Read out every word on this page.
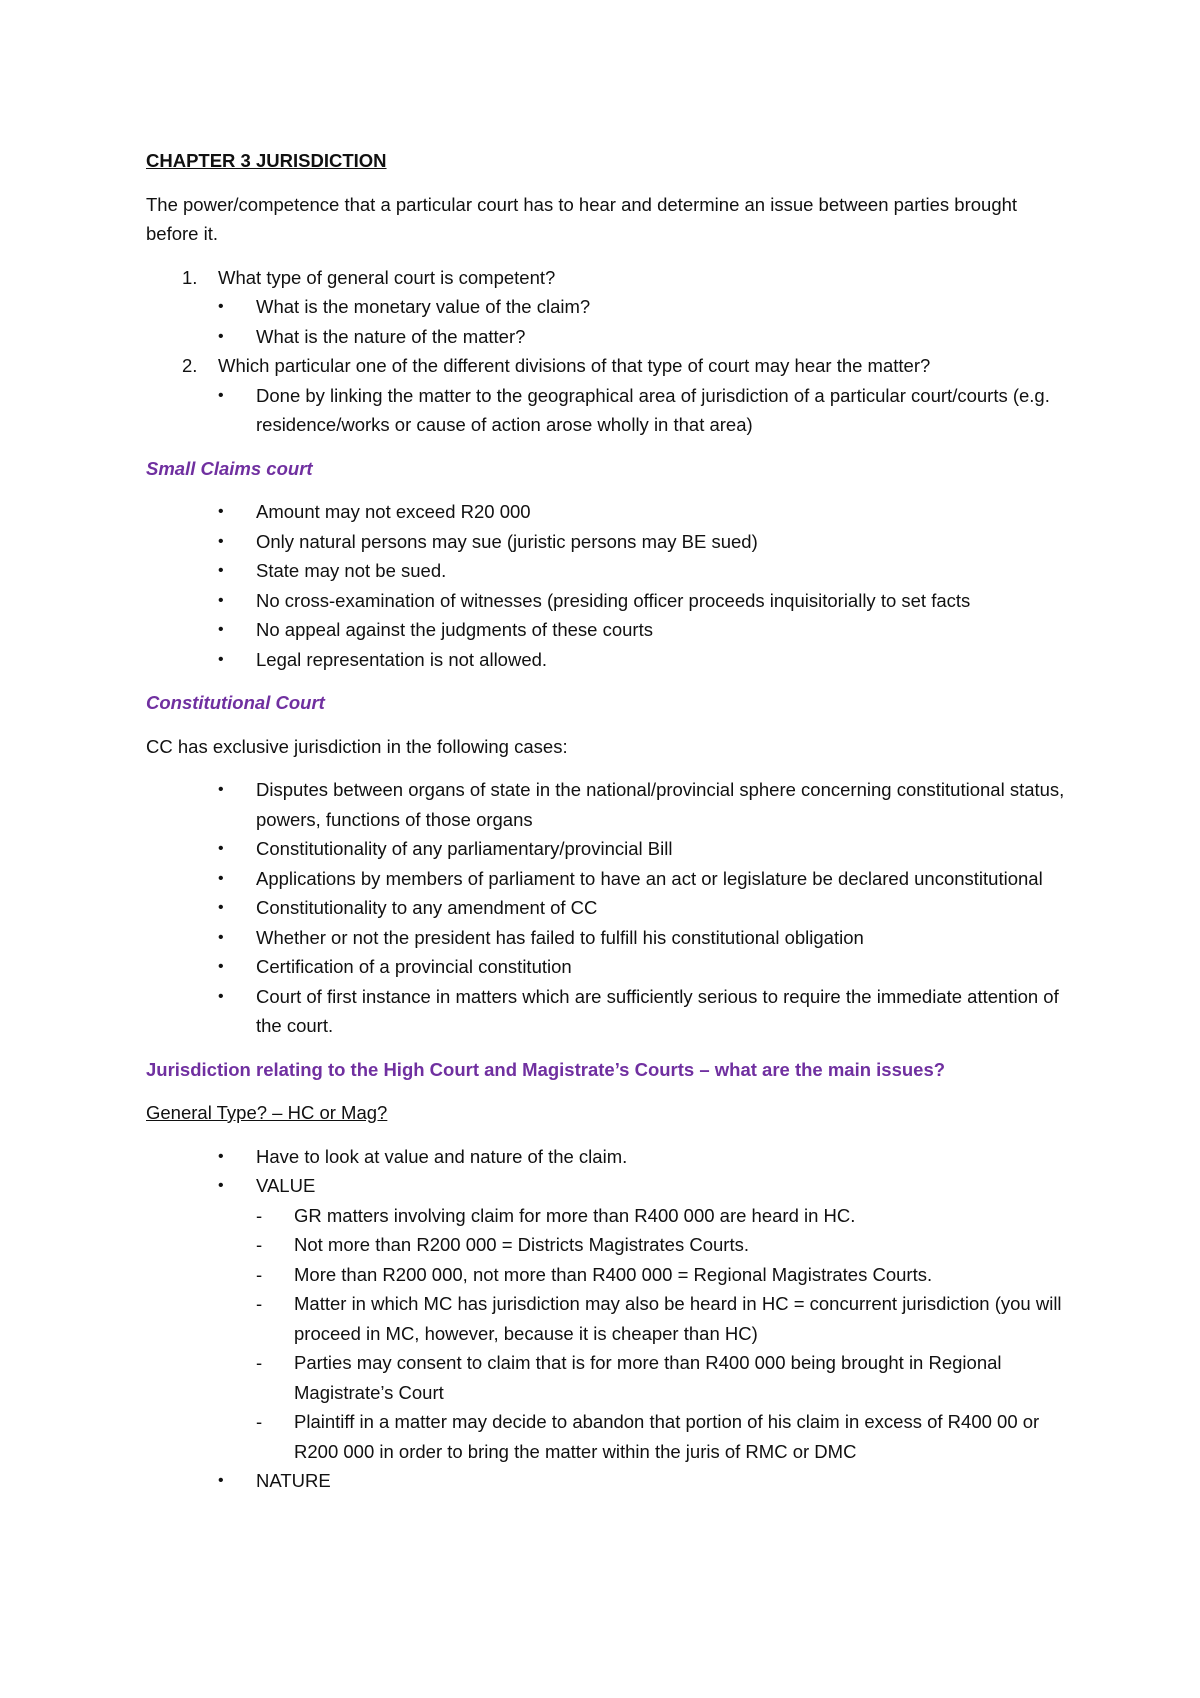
CHAPTER 3 JURISDICTION
The power/competence that a particular court has to hear and determine an issue between parties brought before it.
1. What type of general court is competent?
• What is the monetary value of the claim?
• What is the nature of the matter?
2. Which particular one of the different divisions of that type of court may hear the matter?
• Done by linking the matter to the geographical area of jurisdiction of a particular court/courts (e.g. residence/works or cause of action arose wholly in that area)
Small Claims court
• Amount may not exceed R20 000
• Only natural persons may sue (juristic persons may BE sued)
• State may not be sued.
• No cross-examination of witnesses (presiding officer proceeds inquisitorially to set facts
• No appeal against the judgments of these courts
• Legal representation is not allowed.
Constitutional Court
CC has exclusive jurisdiction in the following cases:
• Disputes between organs of state in the national/provincial sphere concerning constitutional status, powers, functions of those organs
• Constitutionality of any parliamentary/provincial Bill
• Applications by members of parliament to have an act or legislature be declared unconstitutional
• Constitutionality to any amendment of CC
• Whether or not the president has failed to fulfill his constitutional obligation
• Certification of a provincial constitution
• Court of first instance in matters which are sufficiently serious to require the immediate attention of the court.
Jurisdiction relating to the High Court and Magistrate’s Courts – what are the main issues?
General Type? – HC or Mag?
• Have to look at value and nature of the claim.
• VALUE
- GR matters involving claim for more than R400 000 are heard in HC.
- Not more than R200 000 = Districts Magistrates Courts.
- More than R200 000, not more than R400 000 = Regional Magistrates Courts.
- Matter in which MC has jurisdiction may also be heard in HC = concurrent jurisdiction (you will proceed in MC, however, because it is cheaper than HC)
- Parties may consent to claim that is for more than R400 000 being brought in Regional Magistrate’s Court
- Plaintiff in a matter may decide to abandon that portion of his claim in excess of R400 00 or R200 000 in order to bring the matter within the juris of RMC or DMC
• NATURE
